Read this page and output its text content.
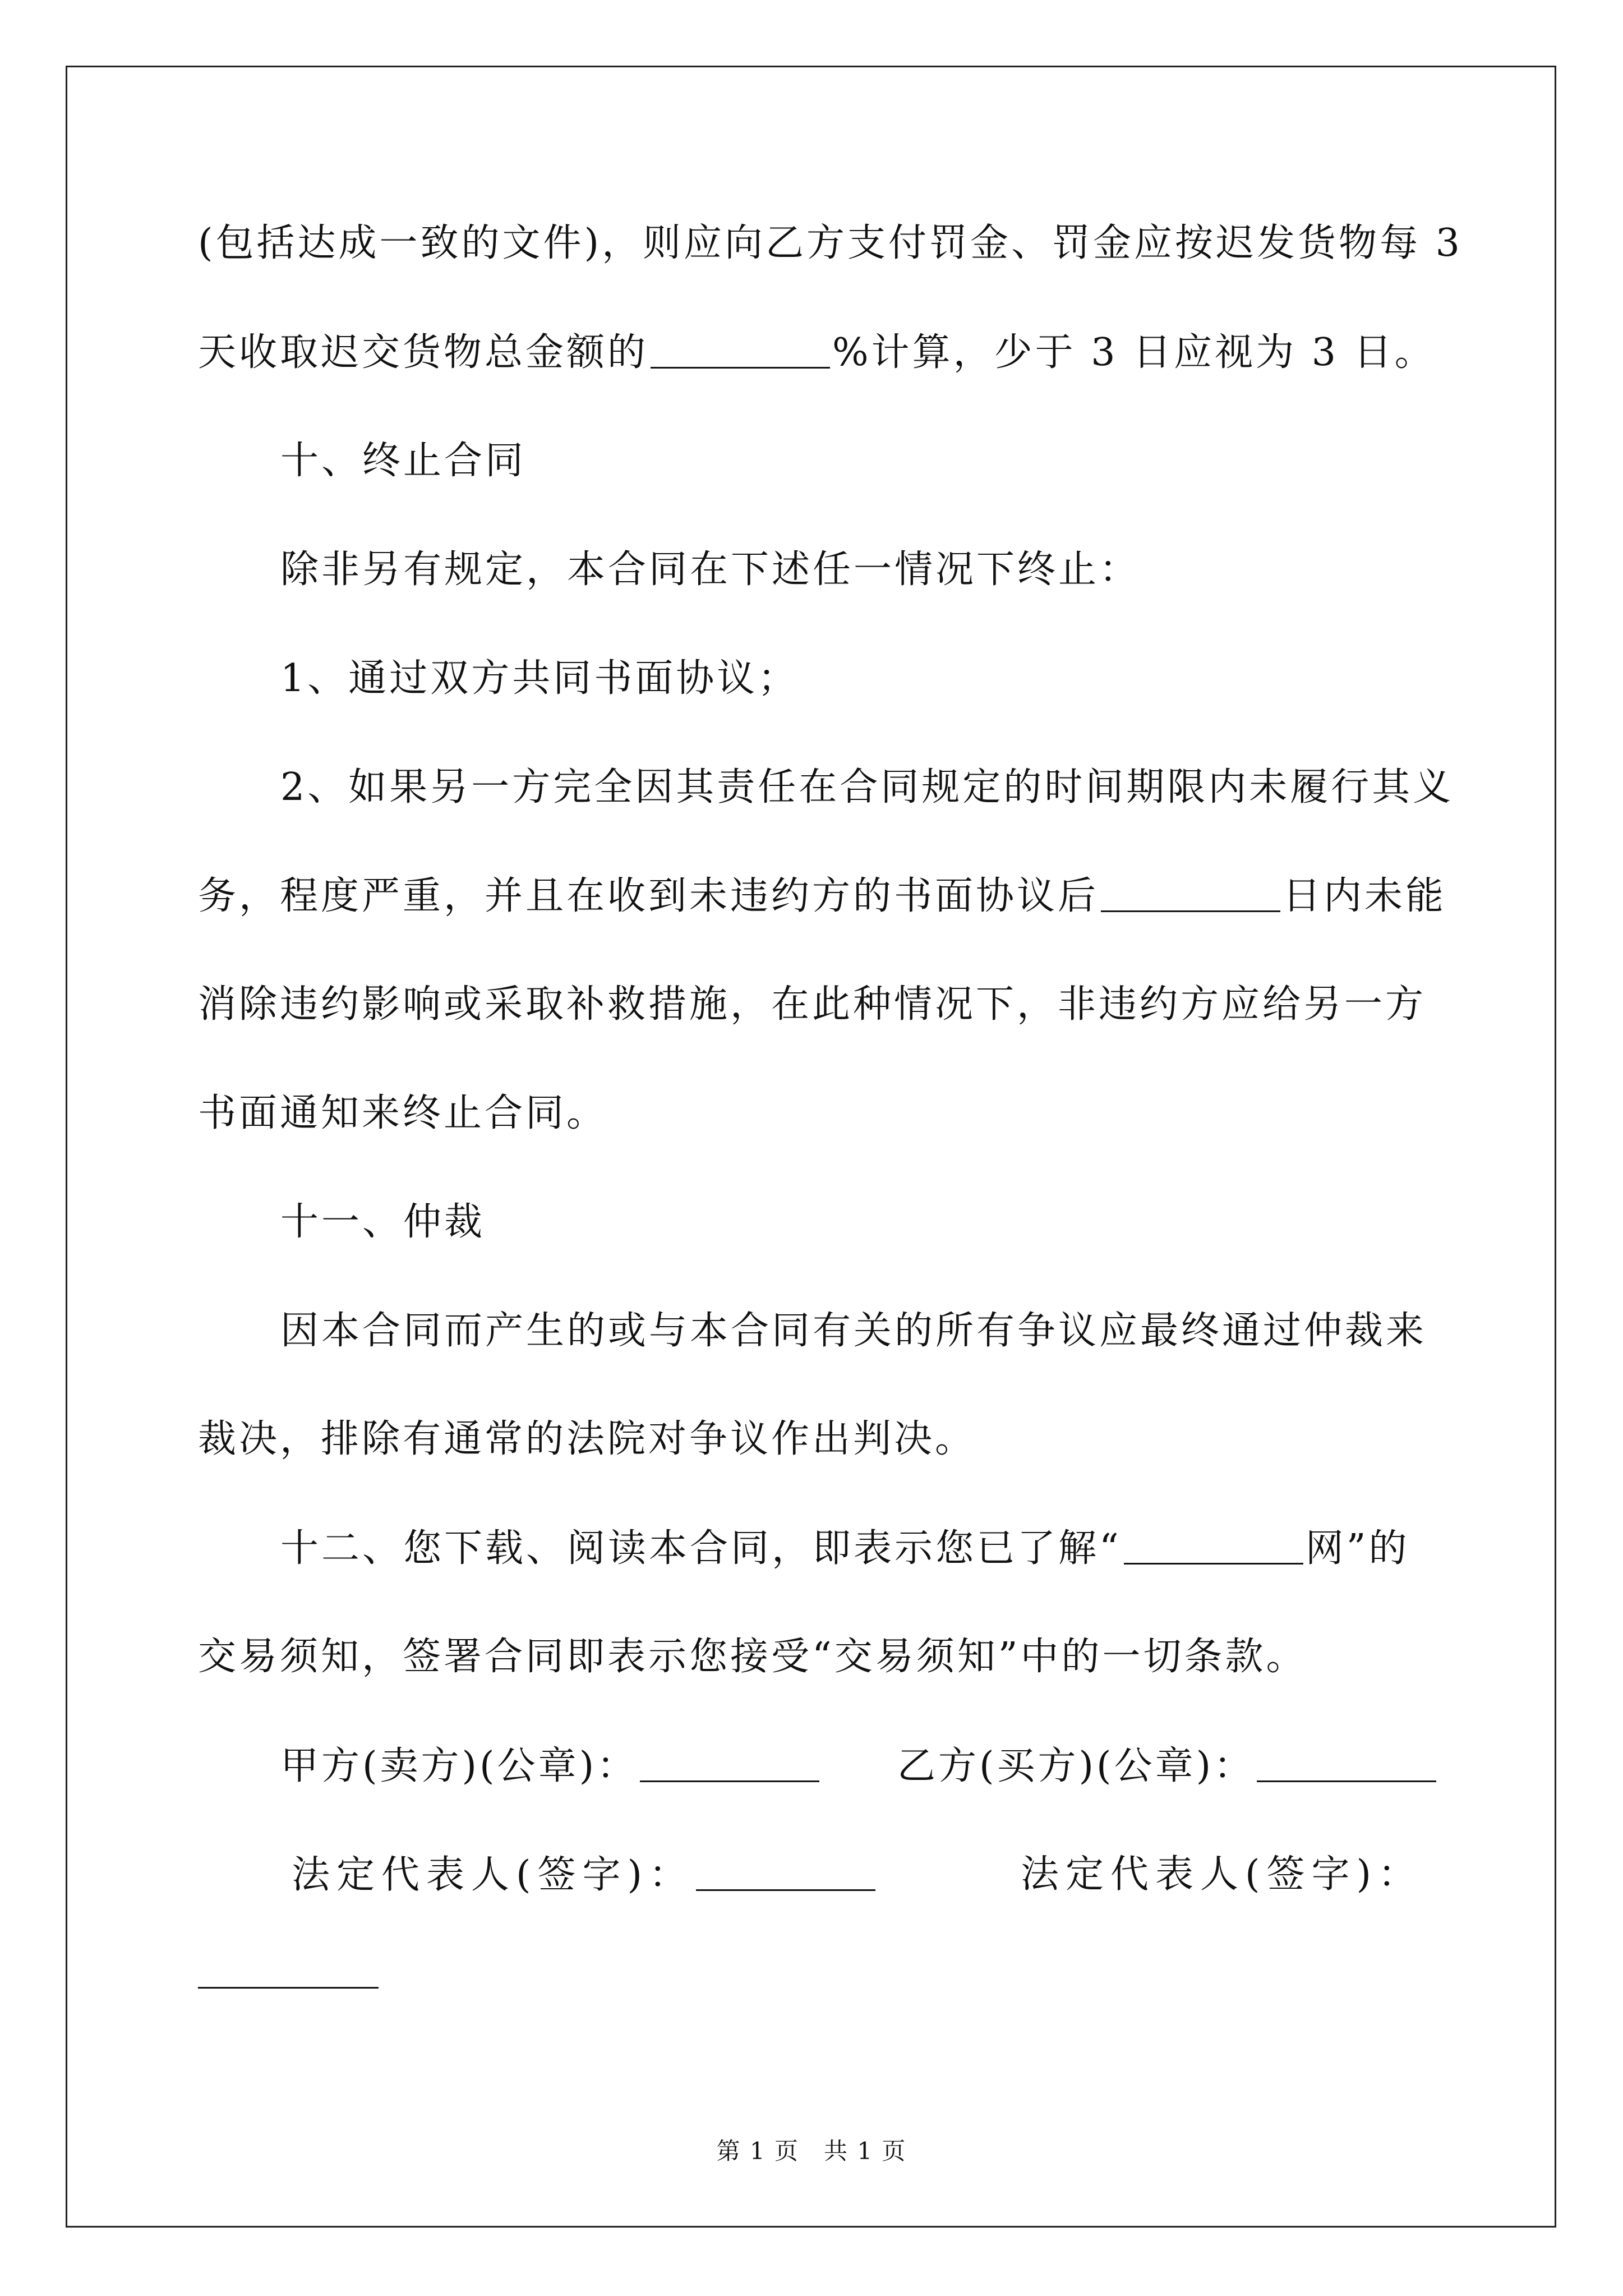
(包括达成一致的文件)，则应向乙方支付罚金、罚金应按迟发货物每 3
天收取迟交货物总金额的	%计算，少于 3 日应视为 3 日。
十、终止合同
除非另有规定，本合同在下述任一情况下终止：
1、通过双方共同书面协议；
2、如果另一方完全因其责任在合同规定的时间期限内未履行其义
务，程度严重，并且在收到未违约方的书面协议后	日内未能
消除违约影响或采取补救措施，在此种情况下，非违约方应给另一方
书面通知来终止合同。
十一、仲裁
因本合同而产生的或与本合同有关的所有争议应最终通过仲裁来
裁决，排除有通常的法院对争议作出判决。
十二、您下载、阅读本合同，即表示您已了解“	网”的
交易须知，签署合同即表示您接受“交易须知”中的一切条款。
甲方(卖方)(公章)：	乙方(买方)(公章)：
法定代表人(签字)：	法定代表人(签字)：
第 1 页　共 1 页
